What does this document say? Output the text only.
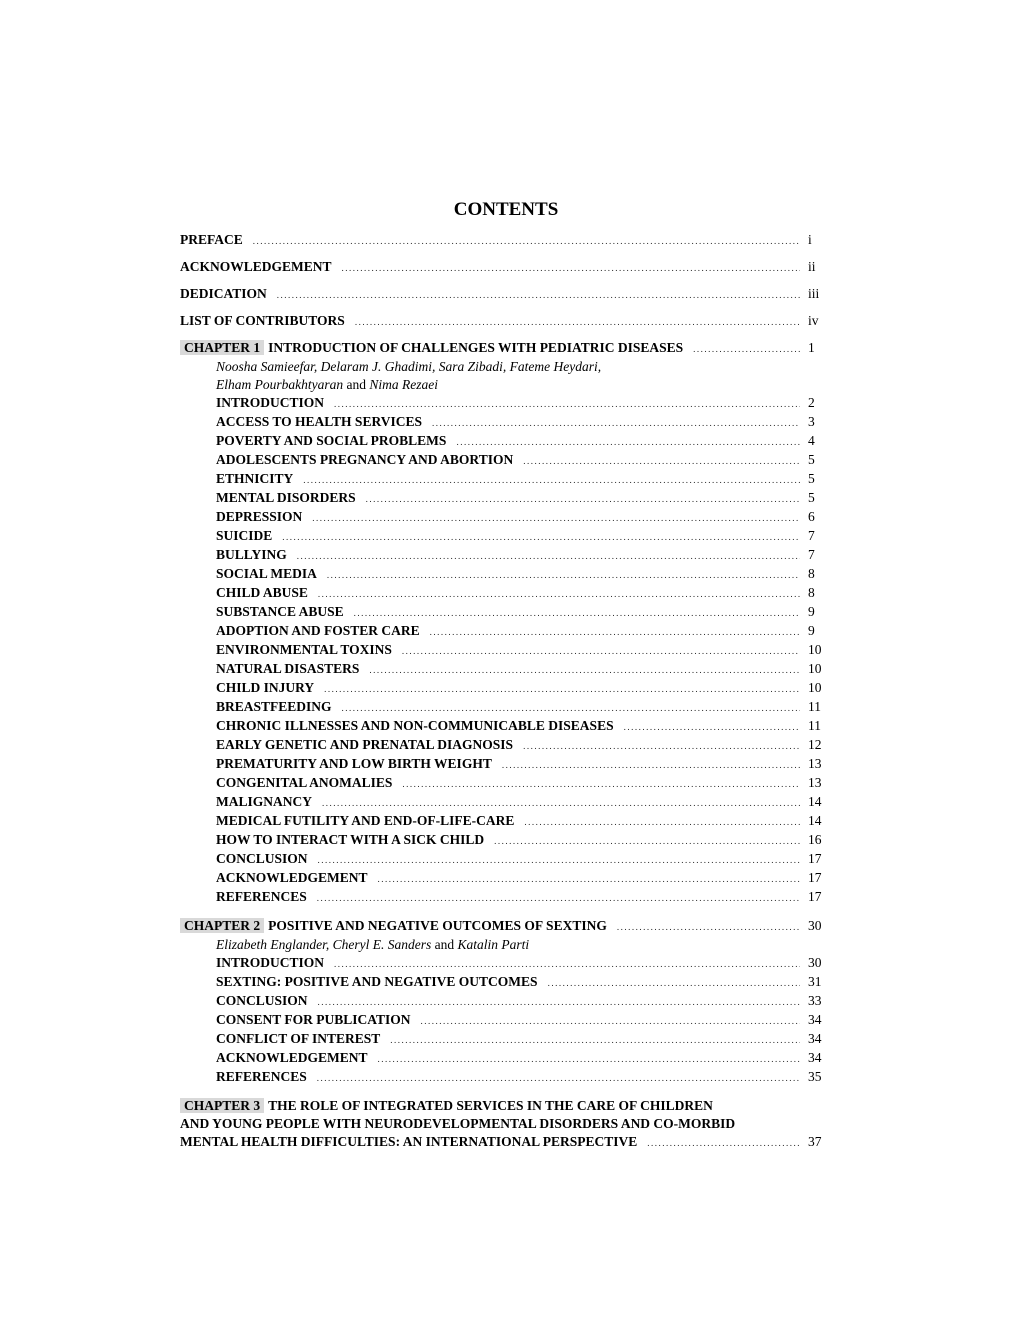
CONTENTS
PREFACE .....	i
ACKNOWLEDGEMENT .....	ii
DEDICATION .....	iii
LIST OF CONTRIBUTORS .....	iv
CHAPTER 1 INTRODUCTION OF CHALLENGES WITH PEDIATRIC DISEASES .....	1
Noosha Samieefar, Delaram J. Ghadimi, Sara Zibadi, Fateme Heydari,
Elham Pourbakhtyaran and Nima Rezaei
INTRODUCTION .....	2
ACCESS TO HEALTH SERVICES .....	3
POVERTY AND SOCIAL PROBLEMS .....	4
ADOLESCENTS PREGNANCY AND ABORTION .....	5
ETHNICITY .....	5
MENTAL DISORDERS .....	5
DEPRESSION .....	6
SUICIDE .....	7
BULLYING .....	7
SOCIAL MEDIA .....	8
CHILD ABUSE .....	8
SUBSTANCE ABUSE .....	9
ADOPTION AND FOSTER CARE .....	9
ENVIRONMENTAL TOXINS .....	10
NATURAL DISASTERS .....	10
CHILD INJURY .....	10
BREASTFEEDING .....	11
CHRONIC ILLNESSES AND NON-COMMUNICABLE DISEASES .....	11
EARLY GENETIC AND PRENATAL DIAGNOSIS .....	12
PREMATURITY AND LOW BIRTH WEIGHT .....	13
CONGENITAL ANOMALIES .....	13
MALIGNANCY .....	14
MEDICAL FUTILITY AND END-OF-LIFE-CARE .....	14
HOW TO INTERACT WITH A SICK CHILD .....	16
CONCLUSION .....	17
ACKNOWLEDGEMENT .....	17
REFERENCES .....	17
CHAPTER 2 POSITIVE AND NEGATIVE OUTCOMES OF SEXTING .....	30
Elizabeth Englander, Cheryl E. Sanders and Katalin Parti
INTRODUCTION .....	30
SEXTING: POSITIVE AND NEGATIVE OUTCOMES .....	31
CONCLUSION .....	33
CONSENT FOR PUBLICATION .....	34
CONFLICT OF INTEREST .....	34
ACKNOWLEDGEMENT .....	34
REFERENCES .....	35
CHAPTER 3 THE ROLE OF INTEGRATED SERVICES IN THE CARE OF CHILDREN
AND YOUNG PEOPLE WITH NEURODEVELOPMENTAL DISORDERS AND CO-MORBID
MENTAL HEALTH DIFFICULTIES: AN INTERNATIONAL PERSPECTIVE .....	37
